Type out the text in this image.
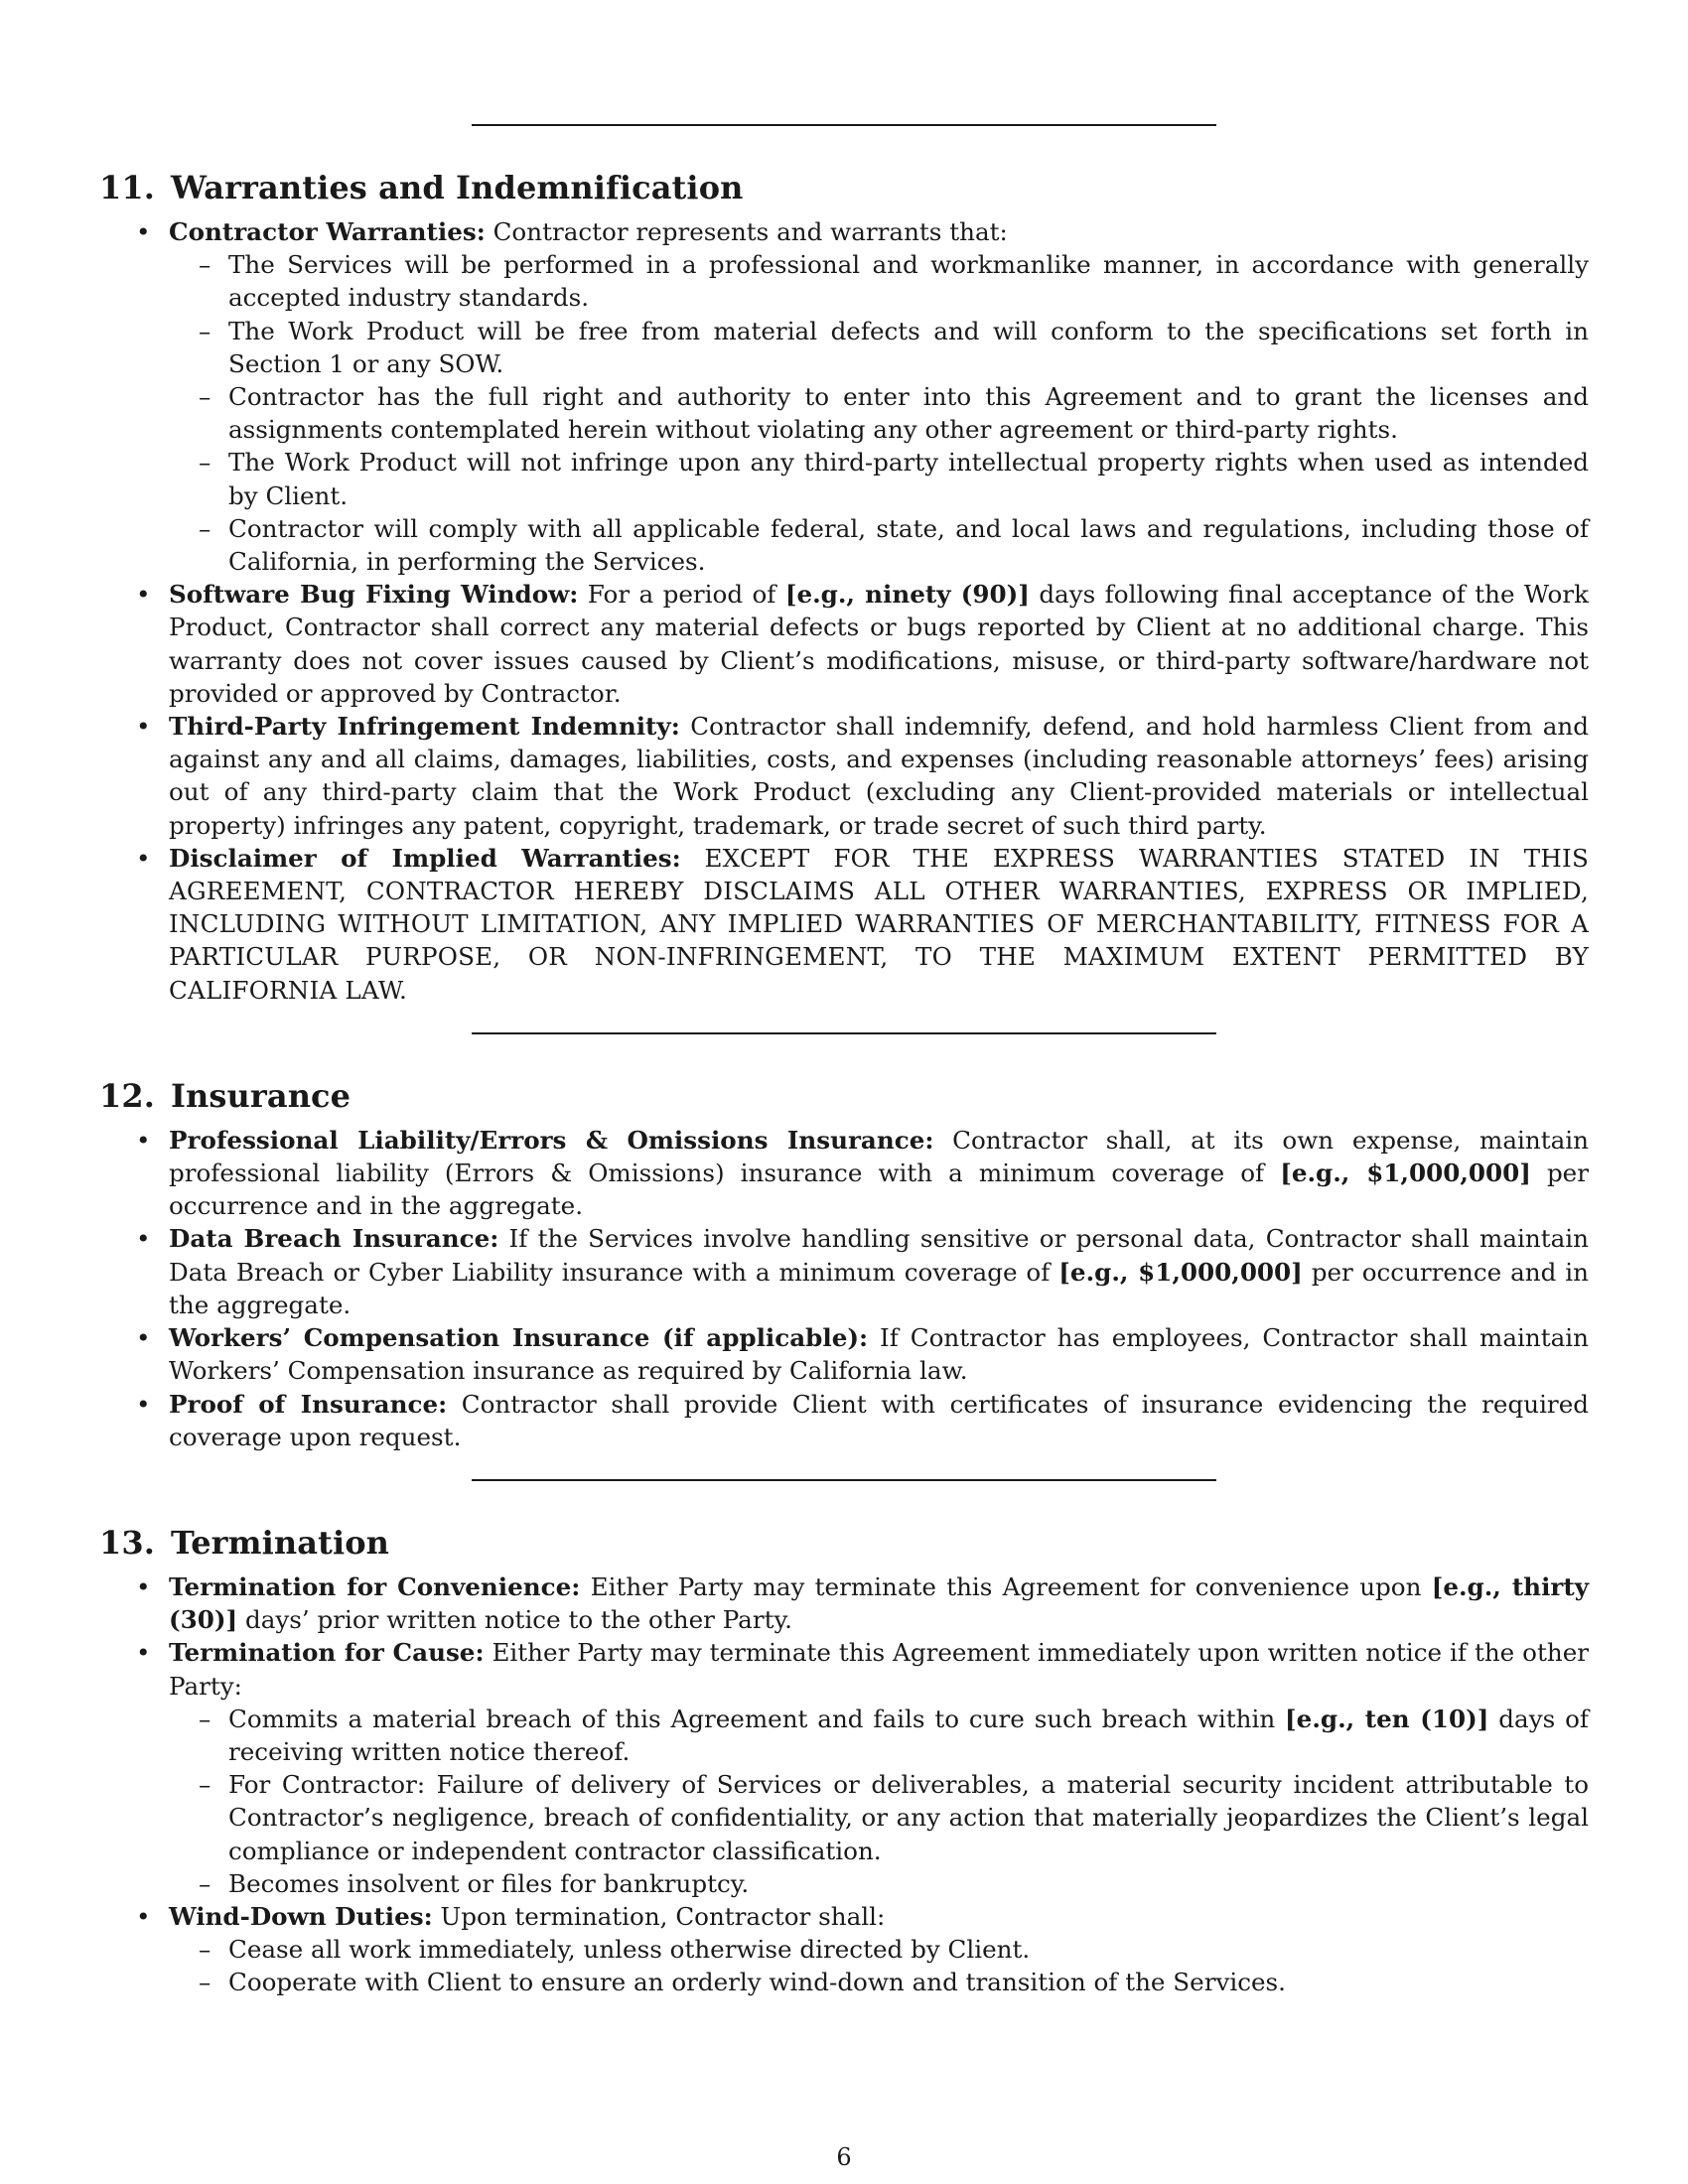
11. Warranties and Indemnification
• Contractor Warranties: Contractor represents and warrants that:
– The Services will be performed in a professional and workmanlike manner, in accordance with generally accepted industry standards.
– The Work Product will be free from material defects and will conform to the specifications set forth in Section 1 or any SOW.
– Contractor has the full right and authority to enter into this Agreement and to grant the licenses and assignments contemplated herein without violating any other agreement or third-party rights.
– The Work Product will not infringe upon any third-party intellectual property rights when used as intended by Client.
– Contractor will comply with all applicable federal, state, and local laws and regulations, including those of California, in performing the Services.
• Software Bug Fixing Window: For a period of [e.g., ninety (90)] days following final acceptance of the Work Product, Contractor shall correct any material defects or bugs reported by Client at no additional charge. This warranty does not cover issues caused by Client’s modifications, misuse, or third-party software/hardware not provided or approved by Contractor.
• Third-Party Infringement Indemnity: Contractor shall indemnify, defend, and hold harmless Client from and against any and all claims, damages, liabilities, costs, and expenses (including reasonable attorneys’ fees) arising out of any third-party claim that the Work Product (excluding any Client-provided materials or intellectual property) infringes any patent, copyright, trademark, or trade secret of such third party.
• Disclaimer of Implied Warranties: EXCEPT FOR THE EXPRESS WARRANTIES STATED IN THIS AGREEMENT, CONTRACTOR HEREBY DISCLAIMS ALL OTHER WARRANTIES, EXPRESS OR IMPLIED, INCLUDING WITHOUT LIMITATION, ANY IMPLIED WARRANTIES OF MERCHANTABILITY, FITNESS FOR A PARTICULAR PURPOSE, OR NON-INFRINGEMENT, TO THE MAXIMUM EXTENT PERMITTED BY CALIFORNIA LAW.
12. Insurance
• Professional Liability/Errors & Omissions Insurance: Contractor shall, at its own expense, maintain professional liability (Errors & Omissions) insurance with a minimum coverage of [e.g., $1,000,000] per occurrence and in the aggregate.
• Data Breach Insurance: If the Services involve handling sensitive or personal data, Contractor shall maintain Data Breach or Cyber Liability insurance with a minimum coverage of [e.g., $1,000,000] per occurrence and in the aggregate.
• Workers’ Compensation Insurance (if applicable): If Contractor has employees, Contractor shall maintain Workers’ Compensation insurance as required by California law.
• Proof of Insurance: Contractor shall provide Client with certificates of insurance evidencing the required coverage upon request.
13. Termination
• Termination for Convenience: Either Party may terminate this Agreement for convenience upon [e.g., thirty (30)] days’ prior written notice to the other Party.
• Termination for Cause: Either Party may terminate this Agreement immediately upon written notice if the other Party:
– Commits a material breach of this Agreement and fails to cure such breach within [e.g., ten (10)] days of receiving written notice thereof.
– For Contractor: Failure of delivery of Services or deliverables, a material security incident attributable to Contractor’s negligence, breach of confidentiality, or any action that materially jeopardizes the Client’s legal compliance or independent contractor classification.
– Becomes insolvent or files for bankruptcy.
• Wind-Down Duties: Upon termination, Contractor shall:
– Cease all work immediately, unless otherwise directed by Client.
– Cooperate with Client to ensure an orderly wind-down and transition of the Services.
6
